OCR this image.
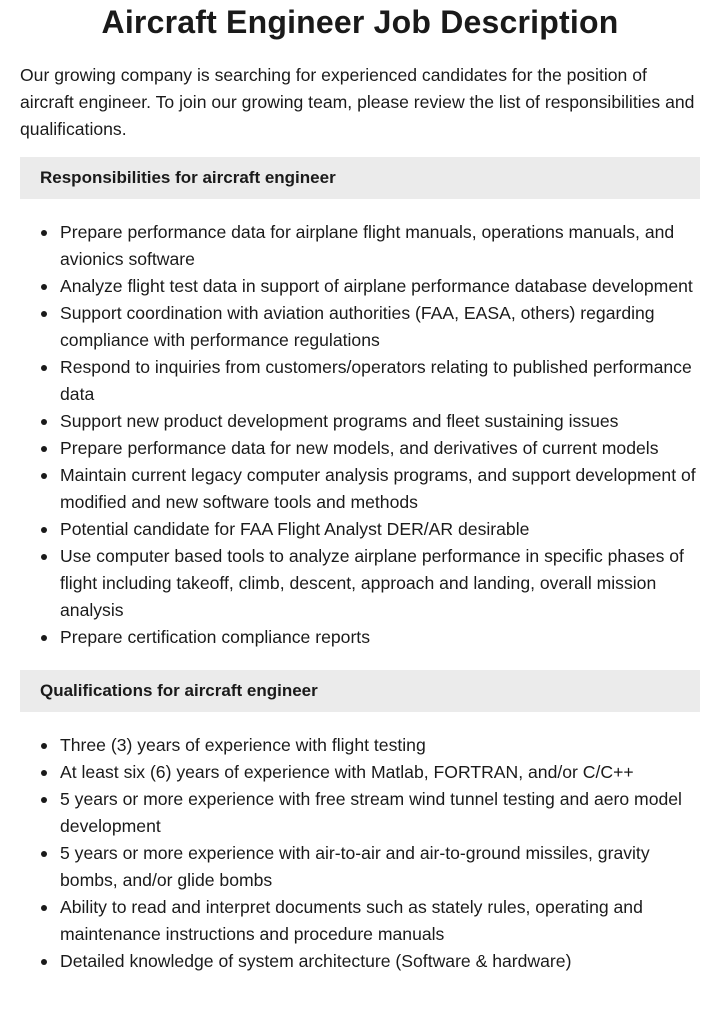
Aircraft Engineer Job Description

Our growing company is searching for experienced candidates for the position of aircraft engineer. To join our growing team, please review the list of responsibilities and qualifications.

Responsibilities for aircraft engineer
Prepare performance data for airplane flight manuals, operations manuals, and avionics software
Analyze flight test data in support of airplane performance database development
Support coordination with aviation authorities (FAA, EASA, others) regarding compliance with performance regulations
Respond to inquiries from customers/operators relating to published performance data
Support new product development programs and fleet sustaining issues
Prepare performance data for new models, and derivatives of current models
Maintain current legacy computer analysis programs, and support development of modified and new software tools and methods
Potential candidate for FAA Flight Analyst DER/AR desirable
Use computer based tools to analyze airplane performance in specific phases of flight including takeoff, climb, descent, approach and landing, overall mission analysis
Prepare certification compliance reports
Qualifications for aircraft engineer
Three (3) years of experience with flight testing
At least six (6) years of experience with Matlab, FORTRAN, and/or C/C++
5 years or more experience with free stream wind tunnel testing and aero model development
5 years or more experience with air-to-air and air-to-ground missiles, gravity bombs, and/or glide bombs
Ability to read and interpret documents such as stately rules, operating and maintenance instructions and procedure manuals
Detailed knowledge of system architecture (Software & hardware)
